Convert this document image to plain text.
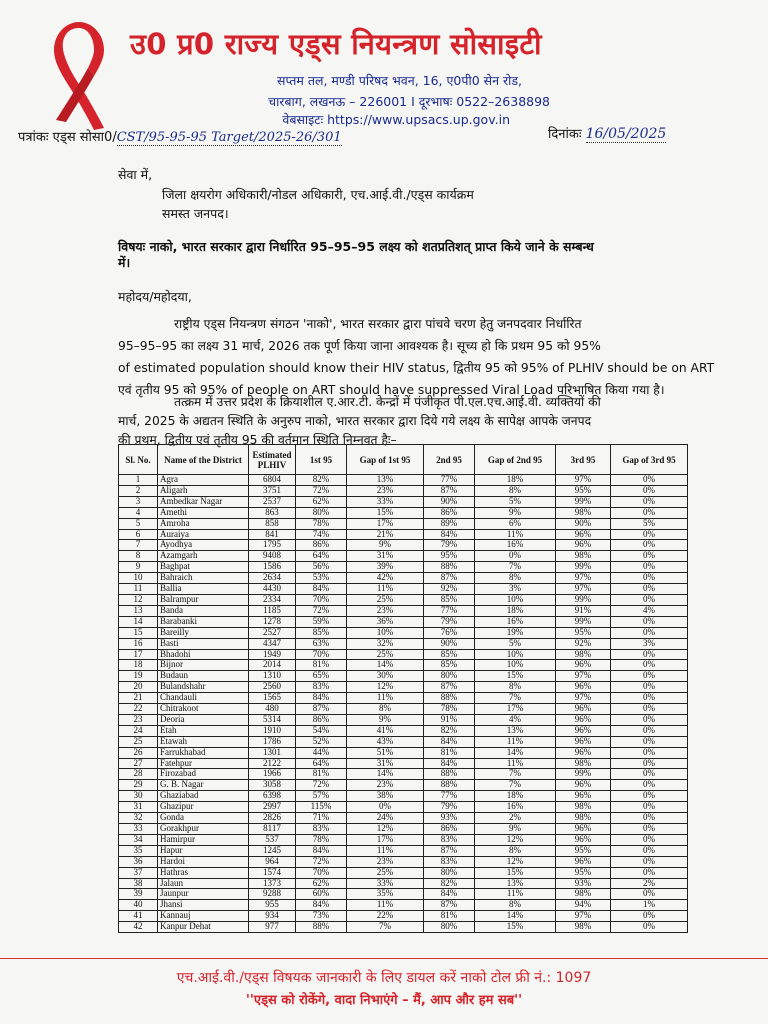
उ0 प्र0 राज्य एड्स नियन्त्रण सोसाइटी
सप्तम तल, मण्डी परिषद भवन, 16, ए0पी0 सेन रोड,
चारबाग, लखनऊ – 226001 I दूरभाषः 0522–2638898
वेबसाइटः https://www.upsacs.up.gov.in
पत्रांकः एड्स सोसा0/CST/95-95-95 Target/2025-26/301	दिनांकः 16/05/2025
सेवा में,
जिला क्षयरोग अधिकारी/नोडल अधिकारी, एच.आई.वी./एड्स कार्यक्रम
समस्त जनपद।
विषयः नाको, भारत सरकार द्वारा निर्धारित 95–95–95 लक्ष्य को शतप्रतिशत् प्राप्त किये जाने के सम्बन्ध
में।
महोदय/महोदया,

राष्ट्रीय एड्स नियन्त्रण संगठन 'नाको', भारत सरकार द्वारा पांचवे चरण हेतु जनपदवार निर्धारित

95–95–95 का लक्ष्य 31 मार्च, 2026 तक पूर्ण किया जाना आवश्यक है। सूच्य हो कि प्रथम 95 को 95%

of estimated population should know their HIV status, द्वितीय 95 को 95% of PLHIV should be on ART

एवं तृतीय 95 को 95% of people on ART should have suppressed Viral Load परिभाषित किया गया है।

तत्क्रम में उत्तर प्रदेश के क्रियाशील ए.आर.टी. केन्द्रों में पंजीकृत पी.एल.एच.आई.वी. व्यक्तियों की

मार्च, 2025 के अद्यतन स्थिति के अनुरुप नाको, भारत सरकार द्वारा दिये गये लक्ष्य के सापेक्ष आपके जनपद

की प्रथम, द्वितीय एवं तृतीय 95 की वर्तमान स्थिति निम्नवत हैः–

Sl. No.	Name of the District	Estimated PLHIV	1st 95	Gap of 1st 95	2nd 95	Gap of 2nd 95	3rd 95	Gap of 3rd 95
1	Agra	6804	82%	13%	77%	18%	97%	0%
2	Aligarh	3751	72%	23%	87%	8%	95%	0%
3	Ambedkar Nagar	2537	62%	33%	90%	5%	99%	0%
4	Amethi	863	80%	15%	86%	9%	98%	0%
5	Amroha	858	78%	17%	89%	6%	90%	5%
6	Auraiya	841	74%	21%	84%	11%	96%	0%
7	Ayodhya	1795	86%	9%	79%	16%	96%	0%
8	Azamgarh	9408	64%	31%	95%	0%	98%	0%
9	Baghpat	1586	56%	39%	88%	7%	99%	0%
10	Bahraich	2634	53%	42%	87%	8%	97%	0%
11	Ballia	4430	84%	11%	92%	3%	97%	0%
12	Balrampur	2334	70%	25%	85%	10%	99%	0%
13	Banda	1185	72%	23%	77%	18%	91%	4%
14	Barabanki	1278	59%	36%	79%	16%	99%	0%
15	Bareilly	2527	85%	10%	76%	19%	95%	0%
16	Basti	4347	63%	32%	90%	5%	92%	3%
17	Bhadohi	1949	70%	25%	85%	10%	98%	0%
18	Bijnor	2014	81%	14%	85%	10%	96%	0%
19	Budaun	1310	65%	30%	80%	15%	97%	0%
20	Bulandshahr	2560	83%	12%	87%	8%	96%	0%
21	Chandauli	1565	84%	11%	88%	7%	97%	0%
22	Chitrakoot	480	87%	8%	78%	17%	96%	0%
23	Deoria	5314	86%	9%	91%	4%	96%	0%
24	Etah	1910	54%	41%	82%	13%	96%	0%
25	Etawah	1786	52%	43%	84%	11%	96%	0%
26	Farrukhabad	1301	44%	51%	81%	14%	96%	0%
27	Fatehpur	2122	64%	31%	84%	11%	98%	0%
28	Firozabad	1966	81%	14%	88%	7%	99%	0%
29	G. B. Nagar	3058	72%	23%	88%	7%	96%	0%
30	Ghaziabad	6398	57%	38%	77%	18%	96%	0%
31	Ghazipur	2997	115%	0%	79%	16%	98%	0%
32	Gonda	2826	71%	24%	93%	2%	98%	0%
33	Gorakhpur	8117	83%	12%	86%	9%	96%	0%
34	Hamirpur	537	78%	17%	83%	12%	96%	0%
35	Hapur	1245	84%	11%	87%	8%	95%	0%
36	Hardoi	964	72%	23%	83%	12%	96%	0%
37	Hathras	1574	70%	25%	80%	15%	95%	0%
38	Jalaun	1373	62%	33%	82%	13%	93%	2%
39	Jaunpur	9288	60%	35%	84%	11%	98%	0%
40	Jhansi	955	84%	11%	87%	8%	94%	1%
41	Kannauj	934	73%	22%	81%	14%	97%	0%
42	Kanpur Dehat	977	88%	7%	80%	15%	98%	0%
एच.आई.वी./एड्स विषयक जानकारी के लिए डायल करें नाको टोल फ्री नं.: 1097
''एड्स को रोकेंगे, वादा निभाएंगे – मैं, आप और हम सब''
